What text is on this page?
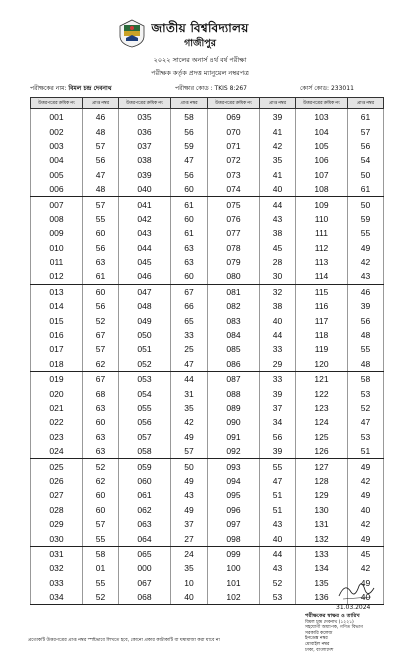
জাতীয় বিশ্ববিদ্যালয়
গাজীপুর
২০২২ সালের অনার্স ৪র্থ বর্ষ পরীক্ষা
পরীক্ষক কর্তৃক প্রদত্ত ম্যানুয়েল নম্বরপত্র
পরীক্ষকের নাম: বিমল চন্দ্র দেবনাথ	পরীক্ষার কোড : TKIS 8:267	কোর্স কোড: 233011
উত্তরপত্রের ক্রমিক নং	প্রাপ্ত নম্বর	উত্তরপত্রের ক্রমিক নং	প্রাপ্ত নম্বর	উত্তরপত্রের ক্রমিক নং	প্রাপ্ত নম্বর	উত্তরপত্রের ক্রমিক নং	প্রাপ্ত নম্বর
001	46	035	58	069	39	103	61
002	48	036	56	070	41	104	57
003	57	037	59	071	42	105	56
004	56	038	47	072	35	106	54
005	47	039	56	073	41	107	50
006	48	040	60	074	40	108	61
007	57	041	61	075	44	109	50
008	55	042	60	076	43	110	59
009	60	043	61	077	38	111	55
010	56	044	63	078	45	112	49
011	63	045	63	079	28	113	42
012	61	046	60	080	30	114	43
013	60	047	67	081	32	115	46
014	56	048	66	082	38	116	39
015	52	049	65	083	40	117	56
016	67	050	33	084	44	118	48
017	57	051	25	085	33	119	55
018	62	052	47	086	29	120	48
019	67	053	44	087	33	121	58
020	68	054	31	088	39	122	53
021	63	055	35	089	37	123	52
022	60	056	42	090	34	124	47
023	63	057	49	091	56	125	53
024	63	058	57	092	39	126	51
025	52	059	50	093	55	127	49
026	62	060	49	094	47	128	42
027	60	061	43	095	51	129	49
028	60	062	49	096	51	130	40
029	57	063	37	097	43	131	42
030	55	064	27	098	40	132	49
031	58	065	24	099	44	133	45
032	01	000	35	100	43	134	42
033	55	067	10	101	52	135	49
034	52	068	40	102	53	136	40
31.03.2024
পরীক্ষকের স্বাক্ষর ও তারিখ
বিমল চন্দ্র দেবনাথ (১২২১)
সহযোগী অধ্যাপক, গণিত বিভাগ
সরকারি কলেজ
ইনডেক্স নম্বর
মোবাইল নম্বর
ঢাকা, বাংলাদেশ
প্রত্যেকটি উত্তরপত্রের প্রাপ্ত নম্বর স্পষ্টভাবে লিখতে হবে, কোনো প্রকার কাটাকাটি বা ঘষামাজা করা যাবে না
